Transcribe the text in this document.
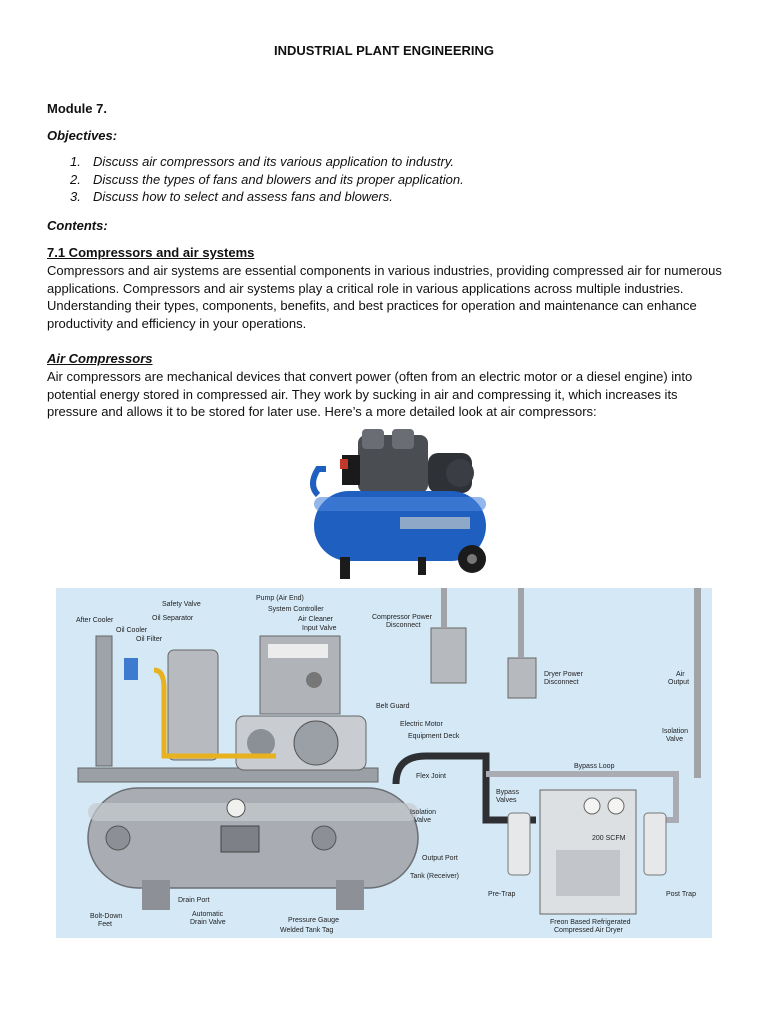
INDUSTRIAL PLANT ENGINEERING
Module 7.
Objectives:
1. Discuss air compressors and its various application to industry.
2. Discuss the types of fans and blowers and its proper application.
3. Discuss how to select and assess fans and blowers.
Contents:
7.1 Compressors and air systems
Compressors and air systems are essential components in various industries, providing compressed air for numerous applications. Compressors and air systems play a critical role in various applications across multiple industries. Understanding their types, components, benefits, and best practices for operation and maintenance can enhance productivity and efficiency in your operations.
Air Compressors
Air compressors are mechanical devices that convert power (often from an electric motor or a diesel engine) into potential energy stored in compressed air. They work by sucking in air and compressing it, which increases its pressure and allows it to be stored for later use. Here’s a more detailed look at air compressors:
After Cooler
Oil Cooler
Oil Filter
Safety Valve
Oil Separator
Pump (Air End)
System Controller
Air Cleaner
Input Valve
Compressor Power
Disconnect
Dryer Power
Disconnect
Air
Output
Belt Guard
Electric Motor
Equipment Deck
Isolation
Valve
Bypass Loop
Flex Joint
Bypass
Valves
Isolation
Valve
Output Port
Tank (Receiver)
Pre-Trap	Post Trap
Drain Port
Automatic
Drain Valve	Pressure Gauge
Welded Tank Tag
Bolt-Down
Feet	Freon Based Refrigerated
Compressed Air Dryer
200 SCFM
